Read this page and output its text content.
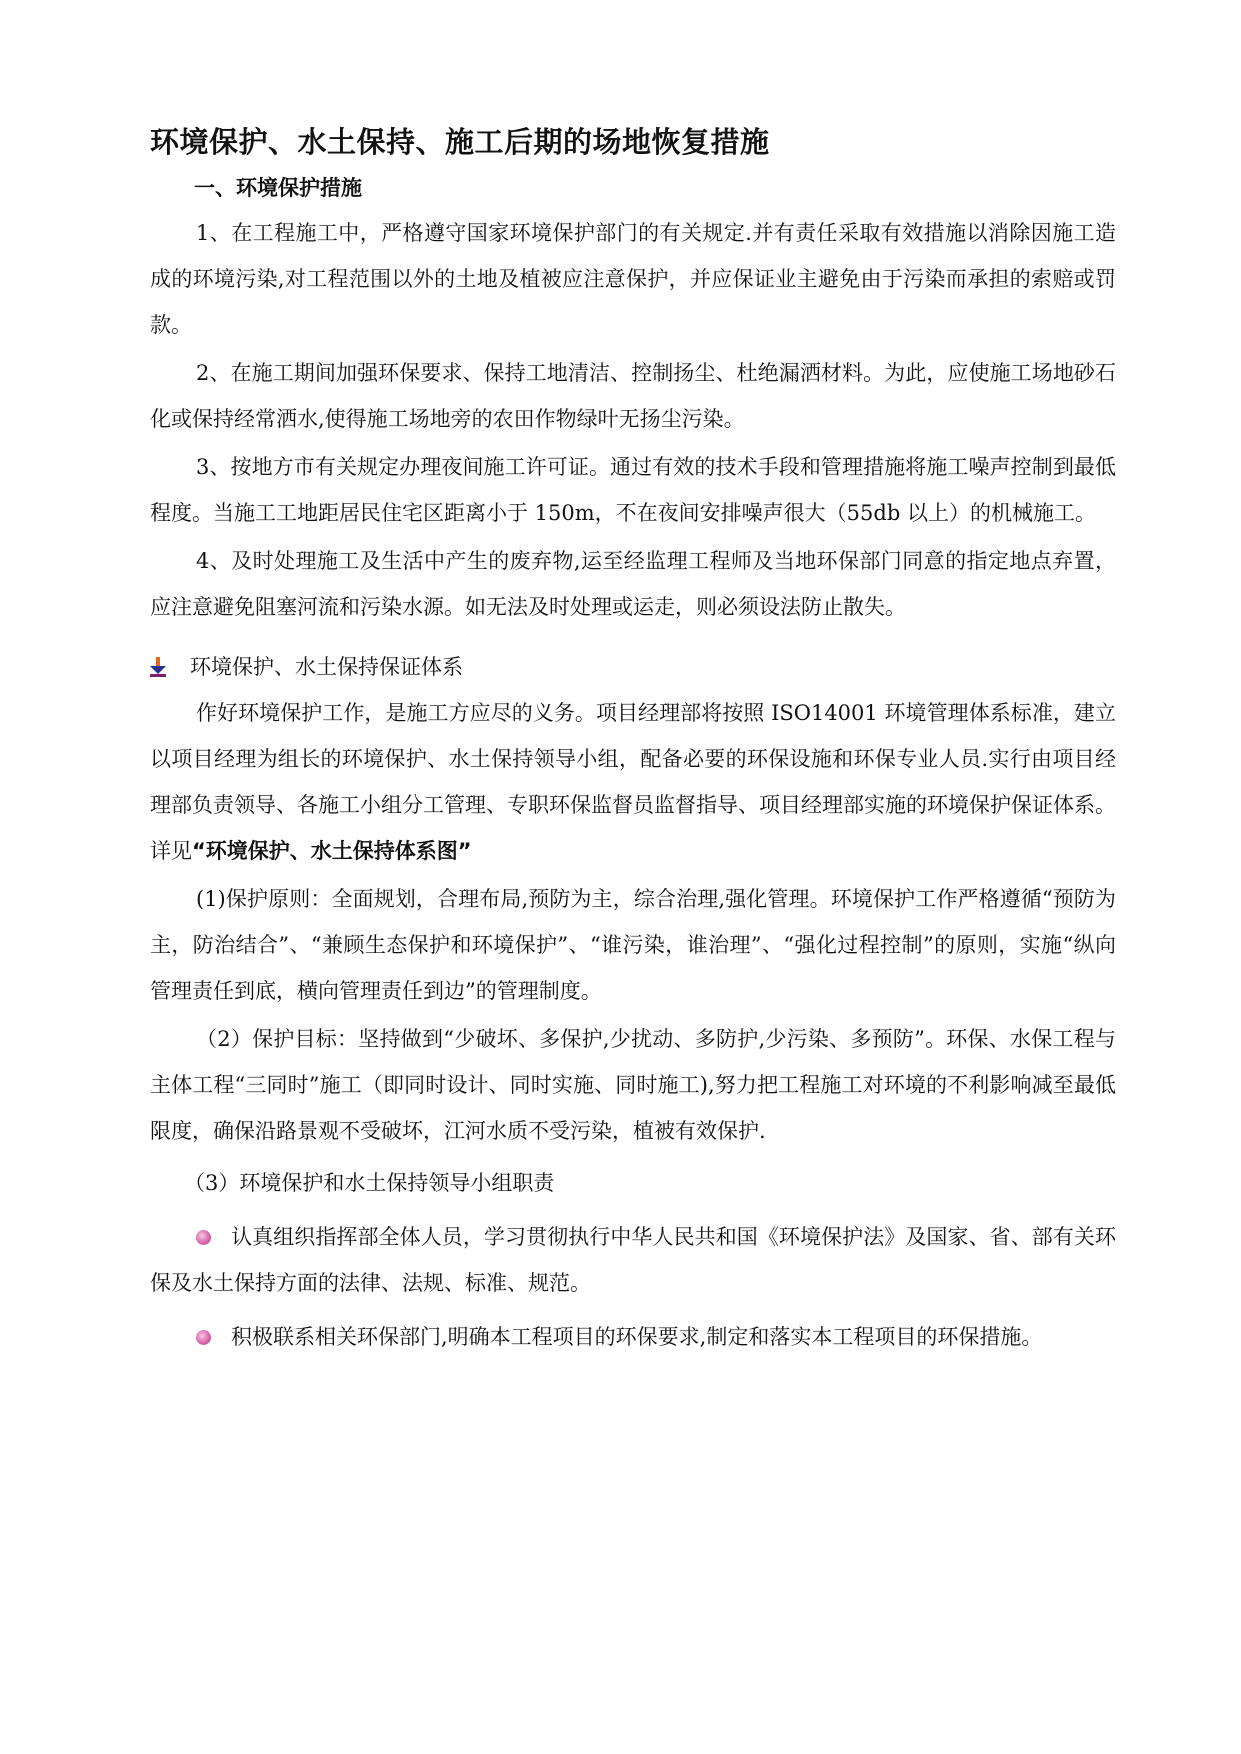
环境保护、水土保持、施工后期的场地恢复措施
一、环境保护措施

1、在工程施工中，严格遵守国家环境保护部门的有关规定.并有责任采取有效措施以消除因施工造成的环境污染,对工程范围以外的土地及植被应注意保护，并应保证业主避免由于污染而承担的索赔或罚款。

2、在施工期间加强环保要求、保持工地清洁、控制扬尘、杜绝漏洒材料。为此，应使施工场地砂石化或保持经常洒水,使得施工场地旁的农田作物绿叶无扬尘污染。

3、按地方市有关规定办理夜间施工许可证。通过有效的技术手段和管理措施将施工噪声控制到最低程度。当施工工地距居民住宅区距离小于 150m，不在夜间安排噪声很大（55db 以上）的机械施工。

4、及时处理施工及生活中产生的废弃物,运至经监理工程师及当地环保部门同意的指定地点弃置，应注意避免阻塞河流和污染水源。如无法及时处理或运走，则必须设法防止散失。

环境保护、水土保持保证体系

作好环境保护工作，是施工方应尽的义务。项目经理部将按照 ISO14001 环境管理体系标准，建立以项目经理为组长的环境保护、水土保持领导小组，配备必要的环保设施和环保专业人员.实行由项目经理部负责领导、各施工小组分工管理、专职环保监督员监督指导、项目经理部实施的环境保护保证体系。详见“环境保护、水土保持体系图”

(1)保护原则：全面规划，合理布局,预防为主，综合治理,强化管理。环境保护工作严格遵循“预防为主，防治结合”、“兼顾生态保护和环境保护”、“谁污染，谁治理”、“强化过程控制”的原则，实施“纵向管理责任到底，横向管理责任到边”的管理制度。

（2）保护目标：坚持做到“少破坏、多保护,少扰动、多防护,少污染、多预防”。环保、水保工程与主体工程“三同时”施工（即同时设计、同时实施、同时施工),努力把工程施工对环境的不利影响减至最低限度，确保沿路景观不受破坏，江河水质不受污染，植被有效保护.

（3）环境保护和水土保持领导小组职责

认真组织指挥部全体人员，学习贯彻执行中华人民共和国《环境保护法》及国家、省、部有关环保及水土保持方面的法律、法规、标准、规范。

积极联系相关环保部门,明确本工程项目的环保要求,制定和落实本工程项目的环保措施。
